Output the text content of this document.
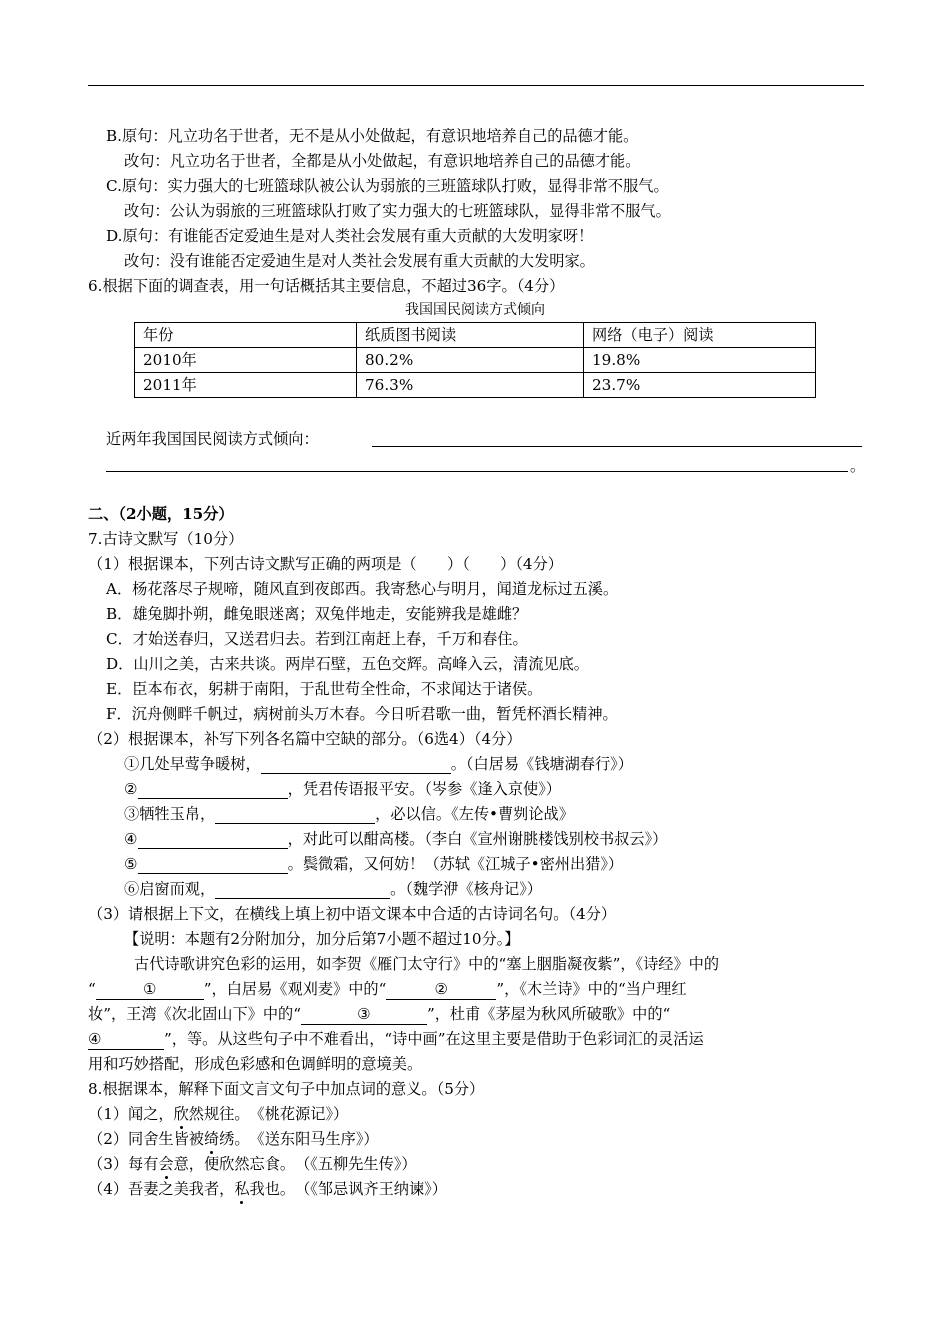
B.原句：凡立功名于世者，无不是从小处做起，有意识地培养自己的品德才能。
改句：凡立功名于世者，全都是从小处做起，有意识地培养自己的品德才能。
C.原句：实力强大的七班篮球队被公认为弱旅的三班篮球队打败，显得非常不服气。
改句：公认为弱旅的三班篮球队打败了实力强大的七班篮球队，显得非常不服气。
D.原句：有谁能否定爱迪生是对人类社会发展有重大贡献的大发明家呀！
改句：没有谁能否定爱迪生是对人类社会发展有重大贡献的大发明家。
6.根据下面的调查表，用一句话概括其主要信息，不超过36字。（4分）
我国国民阅读方式倾向
年份	纸质图书阅读	网络（电子）阅读
2010年	80.2%	19.8%
2011年	76.3%	23.7%
近两年我国国民阅读方式倾向：
。
二、（2小题，15分）
7.古诗文默写（10分）
（1）根据课本，下列古诗文默写正确的两项是（　　）（　　）（4分）
A．杨花落尽子规啼，随风直到夜郎西。我寄愁心与明月，闻道龙标过五溪。
B．雄兔脚扑朔，雌兔眼迷离；双兔伴地走，安能辨我是雄雌？
C．才始送春归，又送君归去。若到江南赶上春，千万和春住。
D．山川之美，古来共谈。两岸石壁，五色交辉。高峰入云，清流见底。
E．臣本布衣，躬耕于南阳，于乱世苟全性命，不求闻达于诸侯。
F．沉舟侧畔千帆过，病树前头万木春。今日听君歌一曲，暂凭杯酒长精神。
（2）根据课本，补写下列各名篇中空缺的部分。（6选4）（4分）
①几处早莺争暖树，	。（白居易《钱塘湖春行》）
②	，凭君传语报平安。（岑参《逢入京使》）
③牺牲玉帛，	，必以信。《左传•曹刿论战》
④	，对此可以酣高楼。（李白《宣州谢朓楼饯别校书叔云》）
⑤	。鬓微霜，又何妨！（苏轼《江城子•密州出猎》）
⑥启窗而观，	。（魏学洢《核舟记》）
（3）请根据上下文，在横线上填上初中语文课本中合适的古诗词名句。（4分）
【说明：本题有2分附加分，加分后第7小题不超过10分。】
古代诗歌讲究色彩的运用，如李贺《雁门太守行》中的“塞上胭脂凝夜紫”，《诗经》中的
“	①	”，白居易《观刈麦》中的“	②	”，《木兰诗》中的“当户理红
妆”，王湾《次北固山下》中的“	③	”，杜甫《茅屋为秋风所破歌》中的“
④	”，等。从这些句子中不难看出，“诗中画”在这里主要是借助于色彩词汇的灵活运
用和巧妙搭配，形成色彩感和色调鲜明的意境美。
8.根据课本，解释下面文言文句子中加点词的意义。（5分）
（1）闻之，欣然规往。　《桃花源记》）
（2）同舍生皆被绮绣。　《送东阳马生序》）
（3）每有会意，便欣然忘食。　（《五柳先生传》）
（4）吾妻之美我者，私我也。　（《邹忌讽齐王纳谏》）
